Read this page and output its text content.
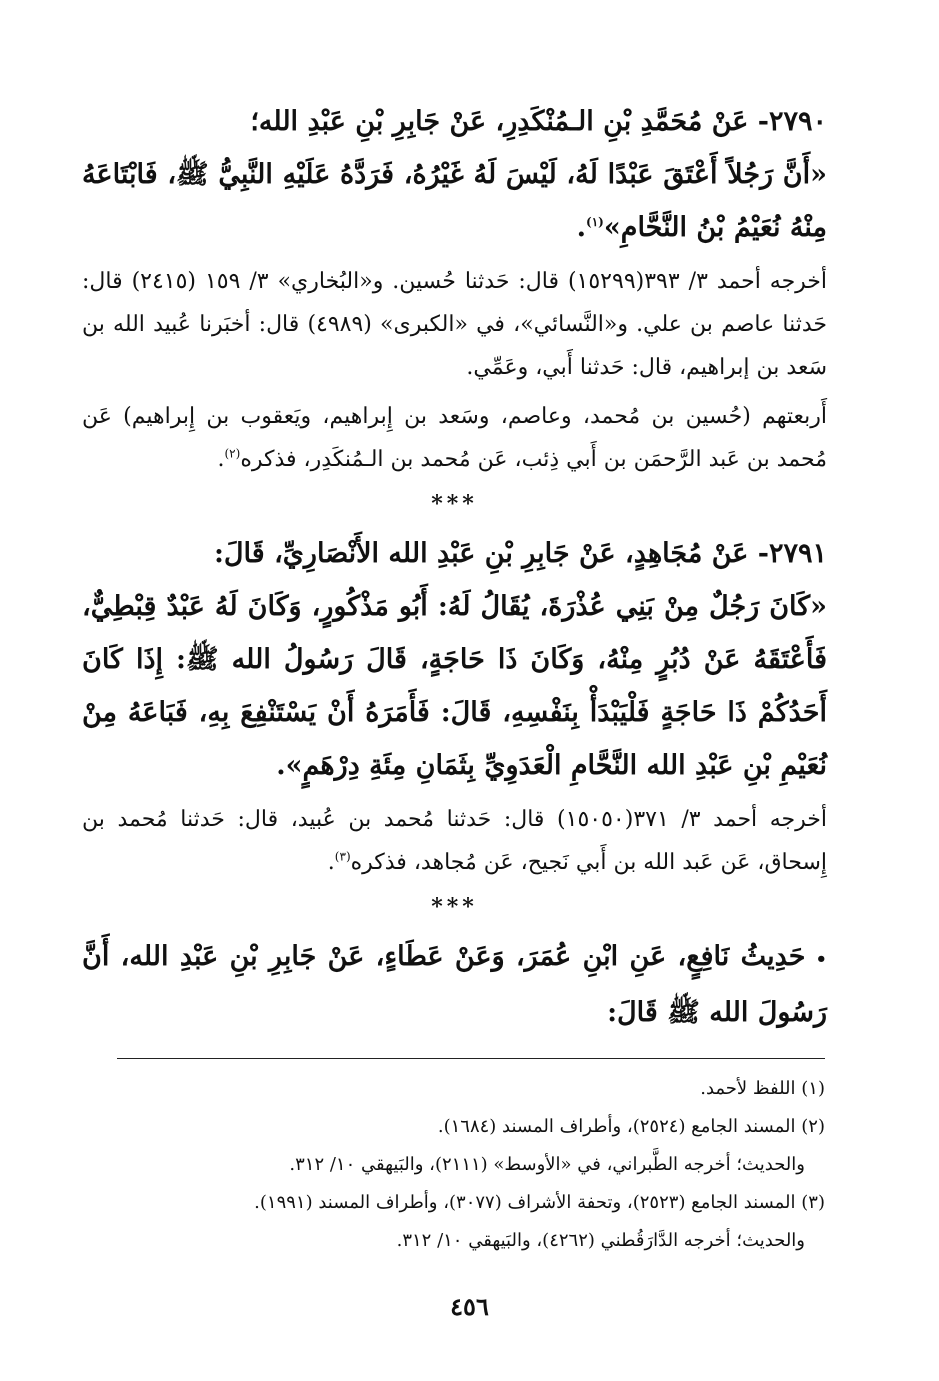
٢٧٩٠- عَنْ مُحَمَّدِ بْنِ الـمُنْكَدِرِ، عَنْ جَابِرِ بْنِ عَبْدِ الله؛

«أَنَّ رَجُلاً أَعْتَقَ عَبْدًا لَهُ، لَيْسَ لَهُ غَيْرُهُ، فَرَدَّهُ عَلَيْهِ النَّبِيُّ ﷺ، فَابْتَاعَهُ مِنْهُ نُعَيْمُ بْنُ النَّحَّامِ»$^{(١)}$.

أخرجه أحمد ٣/ ٣٩٣(١٥٢٩٩) قال: حَدثنا حُسين. و«البُخاري» ٣/ ١٥٩ (٢٤١٥) قال: حَدثنا عاصم بن علي. و«النَّسائي»، في «الكبرى» (٤٩٨٩) قال: أخبَرنا عُبيد الله بن سَعد بن إبراهيم، قال: حَدثنا أَبي، وعَمِّي.

أَربعتهم (حُسين بن مُحمد، وعاصم، وسَعد بن إِبراهيم، ويَعقوب بن إِبراهيم) عَن مُحمد بن عَبد الرَّحمَن بن أَبي ذِئب، عَن مُحمد بن الـمُنكَدِر، فذكره$^{(٢)}$.

***

٢٧٩١- عَنْ مُجَاهِدٍ، عَنْ جَابِرِ بْنِ عَبْدِ الله الأَنْصَارِيِّ، قَالَ:

«كَانَ رَجُلٌ مِنْ بَنِي عُذْرَةَ، يُقَالُ لَهُ: أَبُو مَذْكُورٍ، وَكَانَ لَهُ عَبْدٌ قِبْطِيٌّ، فَأَعْتَقَهُ عَنْ دُبُرٍ مِنْهُ، وَكَانَ ذَا حَاجَةٍ، قَالَ رَسُولُ الله ﷺ: إِذَا كَانَ أَحَدُكُمْ ذَا حَاجَةٍ فَلْيَبْدَأْ بِنَفْسِهِ، قَالَ: فَأَمَرَهُ أَنْ يَسْتَنْفِعَ بِهِ، فَبَاعَهُ مِنْ نُعَيْمِ بْنِ عَبْدِ الله النَّحَّامِ الْعَدَوِيِّ بِثَمَانِ مِئَةِ دِرْهَمٍ».

أخرجه أحمد ٣/ ٣٧١(١٥٠٥٠) قال: حَدثنا مُحمد بن عُبيد، قال: حَدثنا مُحمد بن إِسحاق، عَن عَبد الله بن أَبي نَجيح، عَن مُجاهد، فذكره$^{(٣)}$.

***

•حَدِيثُ نَافِعٍ، عَنِ ابْنِ عُمَرَ، وَعَنْ عَطَاءٍ، عَنْ جَابِرِ بْنِ عَبْدِ الله، أَنَّ رَسُولَ الله ﷺ قَالَ:

(١) اللفظ لأحمد.

(٢) المسند الجامع (٢٥٢٤)، وأطراف المسند (١٦٨٤).

والحديث؛ أخرجه الطَّبراني، في «الأوسط» (٢١١١)، والبَيهقي ١٠/ ٣١٢.

(٣) المسند الجامع (٢٥٢٣)، وتحفة الأشراف (٣٠٧٧)، وأطراف المسند (١٩٩١).

والحديث؛ أخرجه الدَّارَقُطني (٤٢٦٢)، والبَيهقي ١٠/ ٣١٢.

٤٥٦
